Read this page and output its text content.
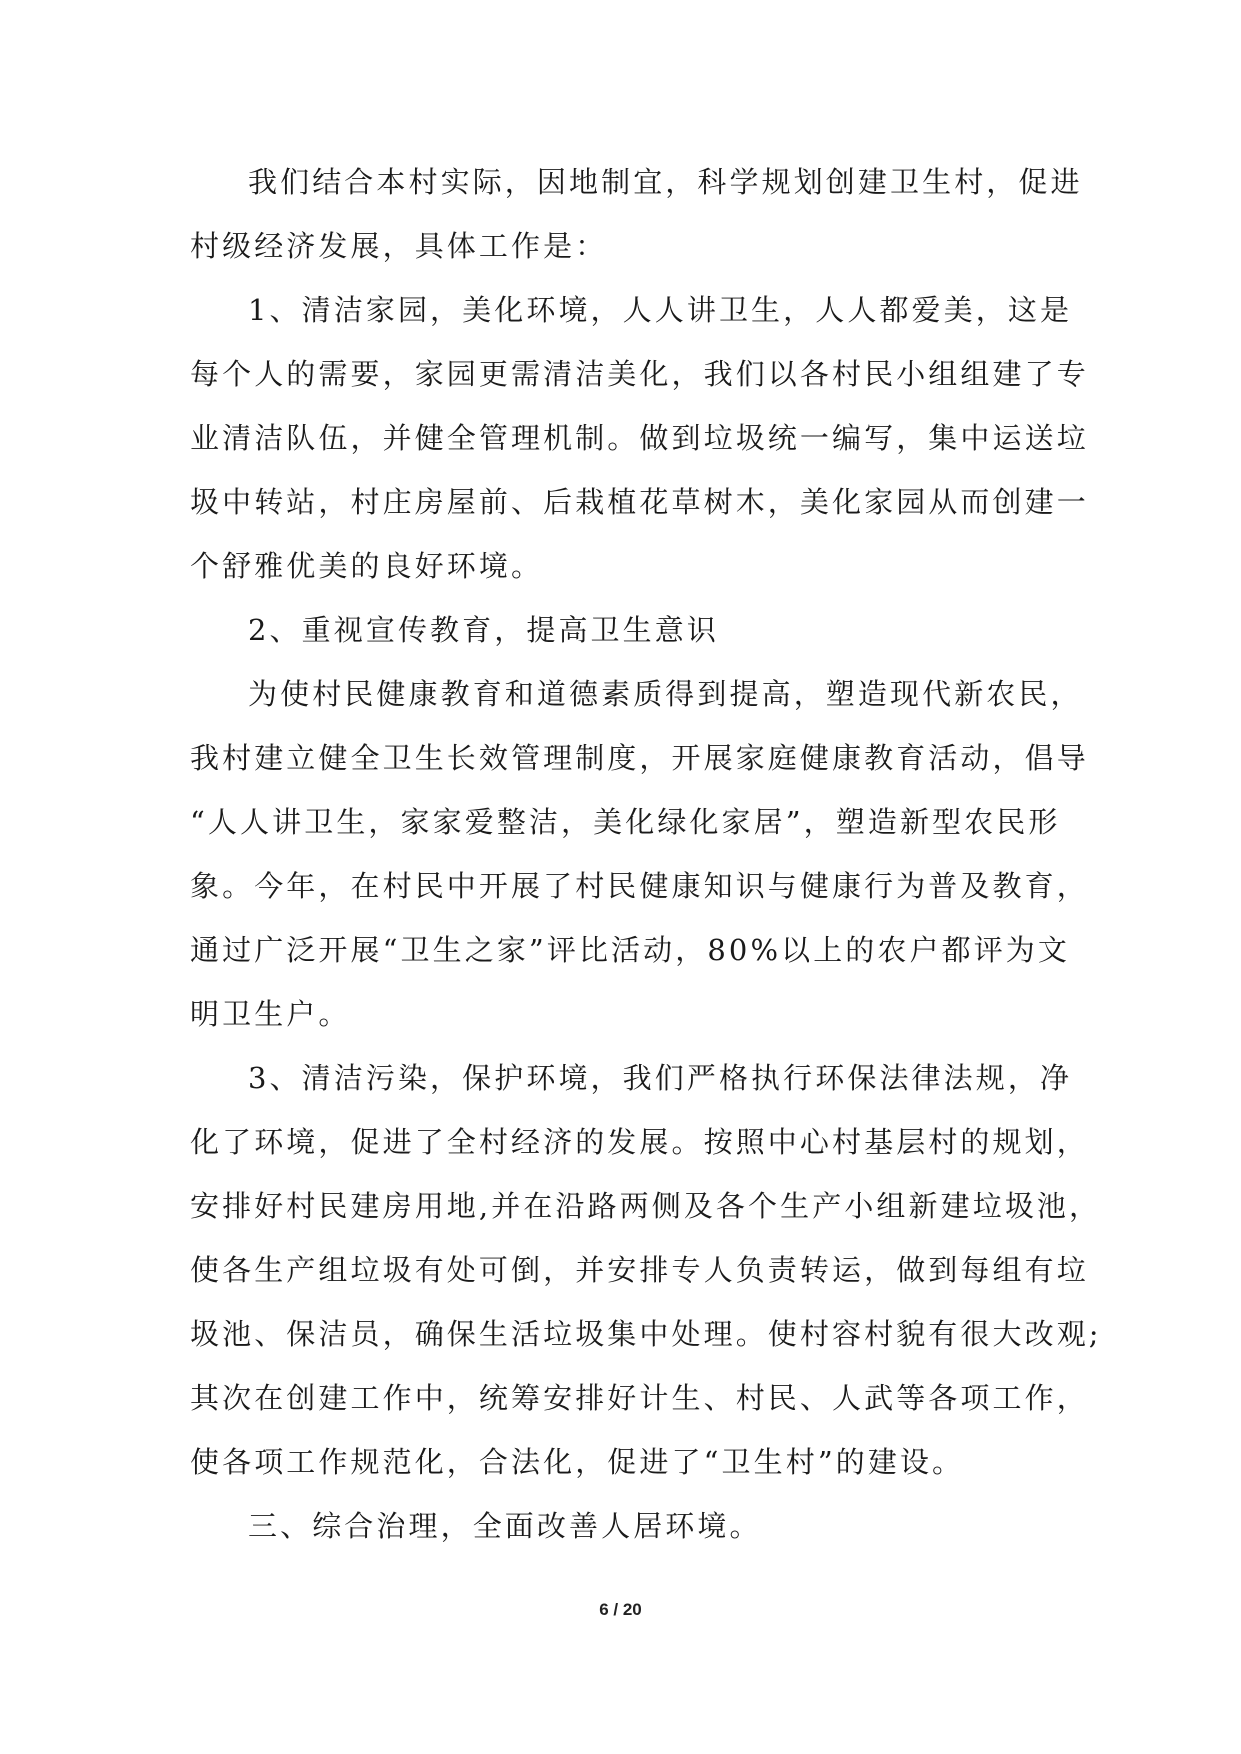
我们结合本村实际，因地制宜，科学规划创建卫生村，促进
村级经济发展，具体工作是：
1、清洁家园，美化环境，人人讲卫生，人人都爱美，这是
每个人的需要，家园更需清洁美化，我们以各村民小组组建了专
业清洁队伍，并健全管理机制。做到垃圾统一编写，集中运送垃
圾中转站，村庄房屋前、后栽植花草树木，美化家园从而创建一
个舒雅优美的良好环境。
2、重视宣传教育，提高卫生意识
为使村民健康教育和道德素质得到提高，塑造现代新农民，
我村建立健全卫生长效管理制度，开展家庭健康教育活动，倡导
“人人讲卫生，家家爱整洁，美化绿化家居”，塑造新型农民形
象。今年，在村民中开展了村民健康知识与健康行为普及教育，
通过广泛开展“卫生之家”评比活动，80%以上的农户都评为文
明卫生户。
3、清洁污染，保护环境，我们严格执行环保法律法规，净
化了环境，促进了全村经济的发展。按照中心村基层村的规划，
安排好村民建房用地,并在沿路两侧及各个生产小组新建垃圾池，
使各生产组垃圾有处可倒，并安排专人负责转运，做到每组有垃
圾池、保洁员，确保生活垃圾集中处理。使村容村貌有很大改观;
其次在创建工作中，统筹安排好计生、村民、人武等各项工作，
使各项工作规范化，合法化，促进了“卫生村”的建设。
三、综合治理，全面改善人居环境。
6 / 20
